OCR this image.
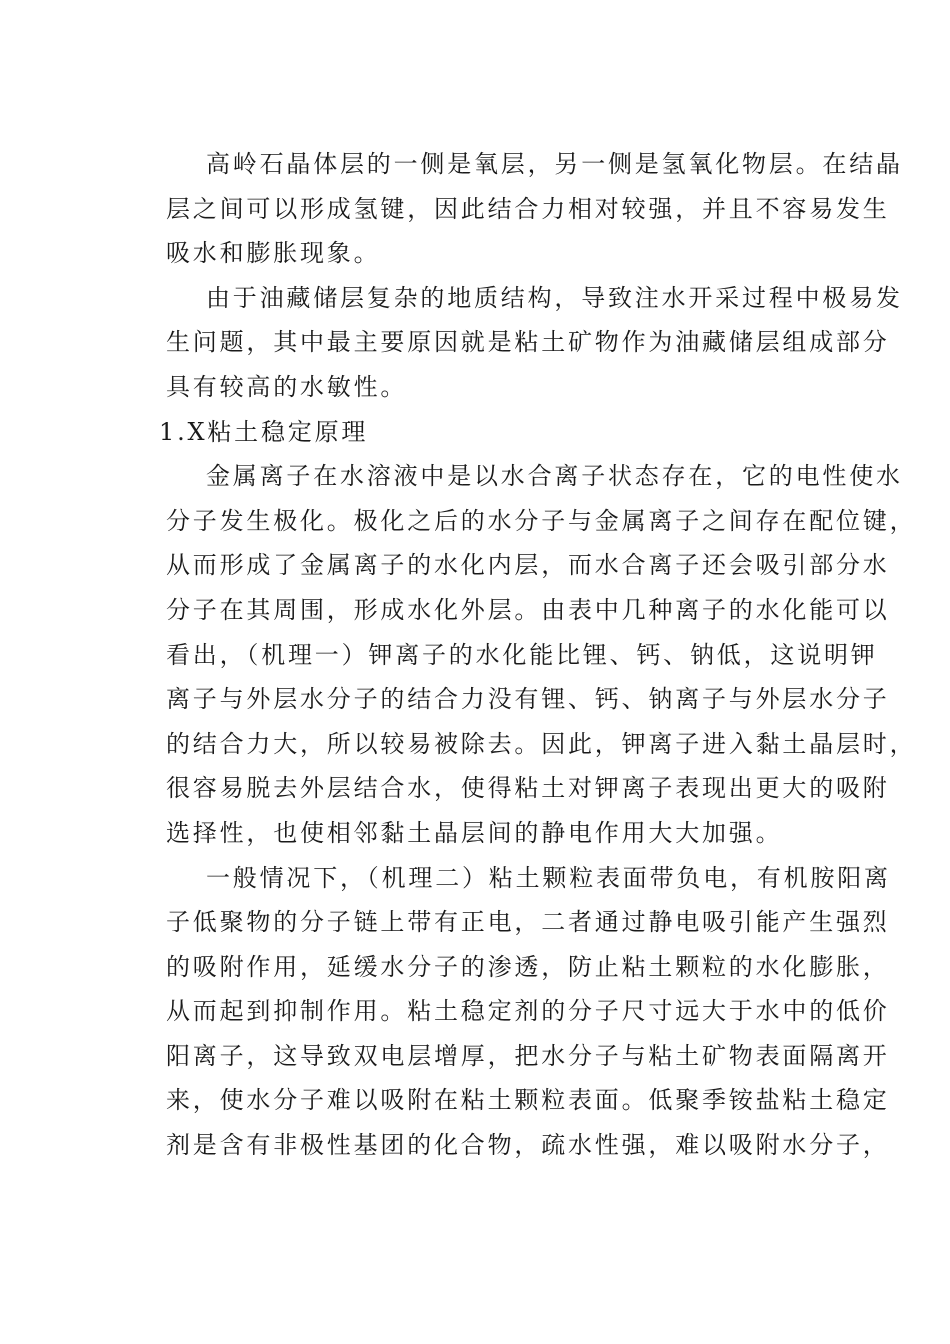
高岭石晶体层的一侧是氧层，另一侧是氢氧化物层。在结晶
层之间可以形成氢键，因此结合力相对较强，并且不容易发生
吸水和膨胀现象。
由于油藏储层复杂的地质结构，导致注水开采过程中极易发
生问题，其中最主要原因就是粘土矿物作为油藏储层组成部分
具有较高的水敏性。
1.X粘土稳定原理
金属离子在水溶液中是以水合离子状态存在，它的电性使水
分子发生极化。极化之后的水分子与金属离子之间存在配位键，
从而形成了金属离子的水化内层，而水合离子还会吸引部分水
分子在其周围，形成水化外层。由表中几种离子的水化能可以
看出，（机理一）钾离子的水化能比锂、钙、钠低，这说明钾
离子与外层水分子的结合力没有锂、钙、钠离子与外层水分子
的结合力大，所以较易被除去。因此，钾离子进入黏土晶层时，
很容易脱去外层结合水，使得粘土对钾离子表现出更大的吸附
选择性，也使相邻黏土晶层间的静电作用大大加强。
一般情况下，（机理二）粘土颗粒表面带负电，有机胺阳离
子低聚物的分子链上带有正电，二者通过静电吸引能产生强烈
的吸附作用，延缓水分子的渗透，防止粘土颗粒的水化膨胀，
从而起到抑制作用。粘土稳定剂的分子尺寸远大于水中的低价
阳离子，这导致双电层增厚，把水分子与粘土矿物表面隔离开
来，使水分子难以吸附在粘土颗粒表面。低聚季铵盐粘土稳定
剂是含有非极性基团的化合物，疏水性强，难以吸附水分子，
